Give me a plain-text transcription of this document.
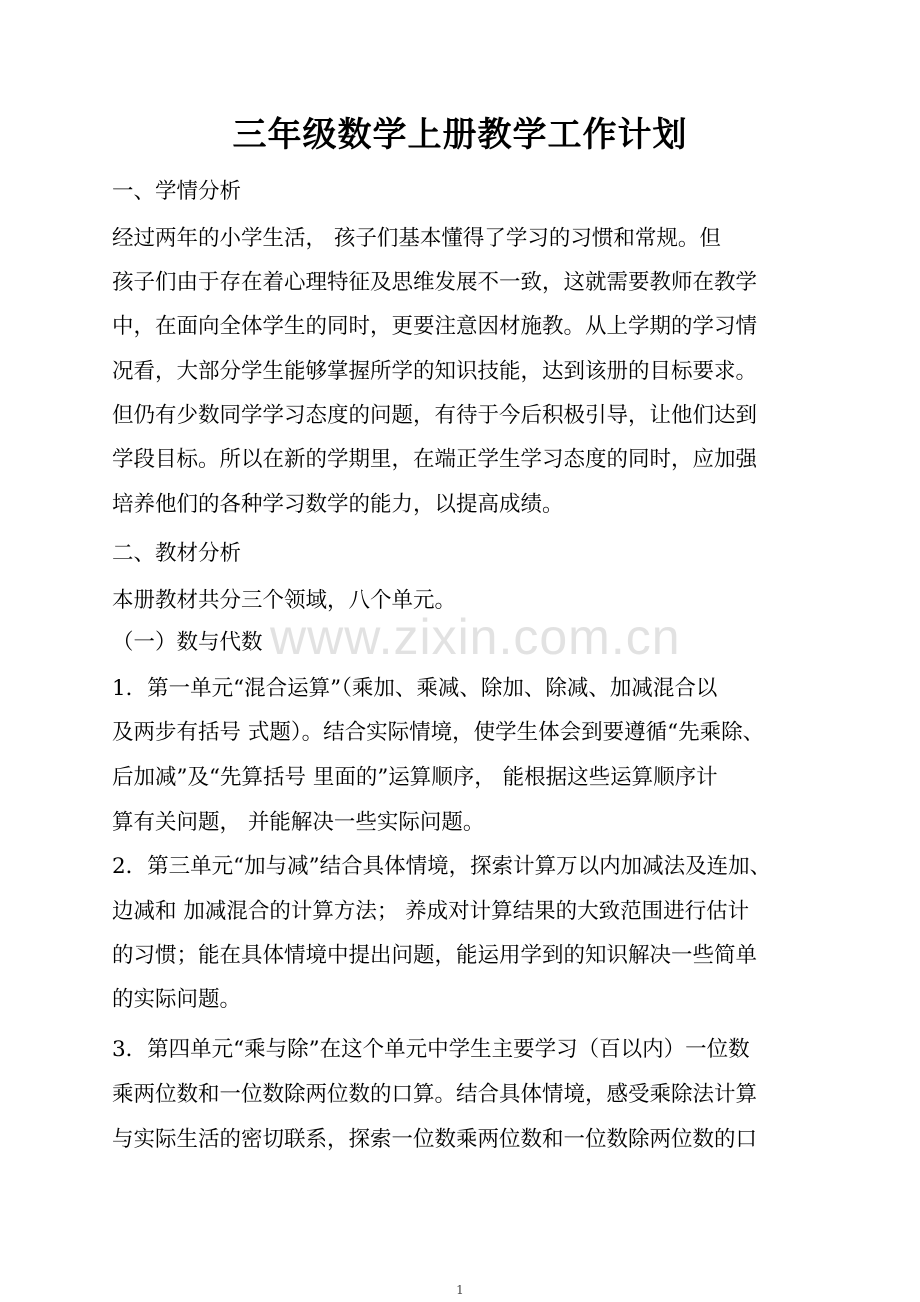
三年级数学上册教学工作计划
一、学情分析
经过两年的小学生活， 孩子们基本懂得了学习的习惯和常规。但
孩子们由于存在着心理特征及思维发展不一致，这就需要教师在教学
中，在面向全体学生的同时，更要注意因材施教。从上学期的学习情
况看，大部分学生能够掌握所学的知识技能，达到该册的目标要求。
但仍有少数同学学习态度的问题，有待于今后积极引导，让他们达到
学段目标。所以在新的学期里，在端正学生学习态度的同时，应加强
培养他们的各种学习数学的能力，以提高成绩。
二、教材分析
本册教材共分三个领域，八个单元。
（一）数与代数
1．第一单元“混合运算”（乘加、乘减、除加、除减、加减混合以
及两步有括号 式题）。结合实际情境，使学生体会到要遵循“先乘除、
后加减”及“先算括号 里面的”运算顺序， 能根据这些运算顺序计
算有关问题， 并能解决一些实际问题。
2．第三单元“加与减”结合具体情境，探索计算万以内加减法及连加、
边减和 加减混合的计算方法； 养成对计算结果的大致范围进行估计
的习惯；能在具体情境中提出问题，能运用学到的知识解决一些简单
的实际问题。
3．第四单元“乘与除”在这个单元中学生主要学习（百以内）一位数
乘两位数和一位数除两位数的口算。结合具体情境，感受乘除法计算
与实际生活的密切联系，探索一位数乘两位数和一位数除两位数的口
www.zixin.com.cn
1
